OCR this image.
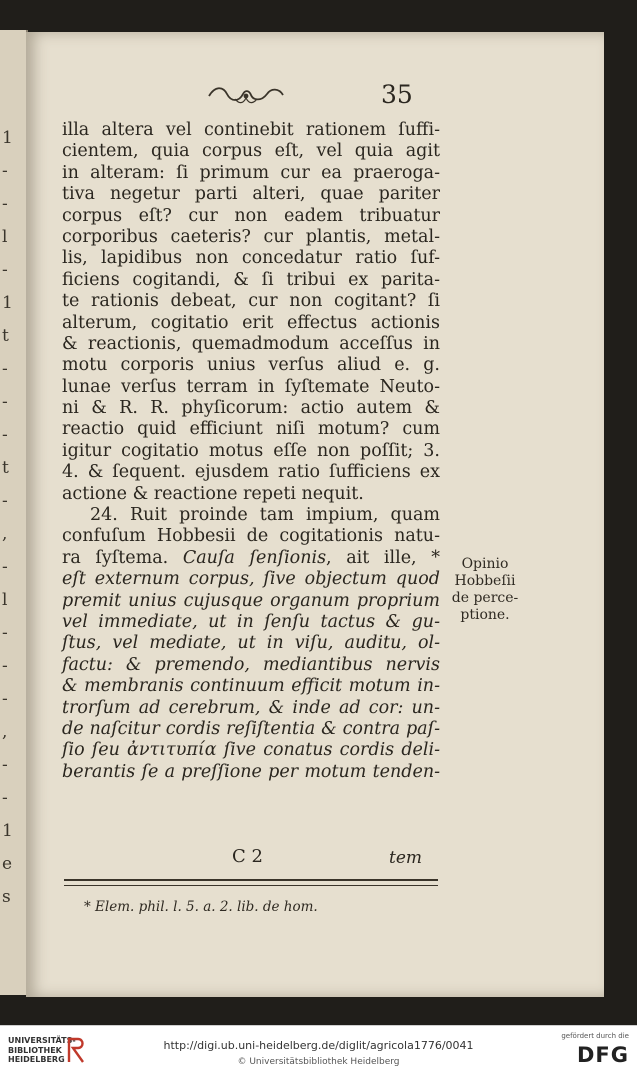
1
-
-
l
-
1
t
-
-
-
t
-
,
-
l
-
-
-
,
-
-
1
e
s
35
illa altera vel continebit rationem ſuffi-
cientem, quia corpus eſt, vel quia agit
in alteram: ſi primum cur ea praeroga-
tiva negetur parti alteri, quae pariter
corpus eſt? cur non eadem tribuatur
corporibus caeteris? cur plantis, metal-
lis, lapidibus non concedatur ratio ſuf-
ficiens cogitandi, & ſi tribui ex parita-
te rationis debeat, cur non cogitant? ſi
alterum, cogitatio erit effectus actionis
& reactionis, quemadmodum acceſſus in
motu corporis unius verſus aliud e. g.
lunae verſus terram in ſyſtemate Neuto-
ni & R. R. phyſicorum: actio autem &
reactio quid efficiunt niſi motum? cum
igitur cogitatio motus eſſe non poſſit; 3.
4. & ſequent. ejusdem ratio ſufficiens ex
actione & reactione repeti nequit.
24. Ruit proinde tam impium, quam
confuſum Hobbesii de cogitationis natu-
ra ſyſtema. Cauſa ſenſionis, ait ille, *
eſt externum corpus, ſive objectum quod
premit unius cujusque organum proprium
vel immediate, ut in ſenſu tactus & gu-
ſtus, vel mediate, ut in viſu, auditu, ol-
factu: & premendo, mediantibus nervis
& membranis continuum efficit motum in-
trorſum ad cerebrum, & inde ad cor: un-
de naſcitur cordis reſiſtentia & contra paſ-
ſio ſeu ἀντιτυπία ſive conatus cordis deli-
berantis ſe a preſſione per motum tenden-
Opinio
Hobbeſii
de perce-
ptione.
C 2	tem
* Elem. phil. l. 5. a. 2. lib. de hom.
UNIVERSITÄTS-
BIBLIOTHEK
HEIDELBERG
http://digi.ub.uni-heidelberg.de/diglit/agricola1776/0041
© Universitätsbibliothek Heidelberg
gefördert durch die
DFG
